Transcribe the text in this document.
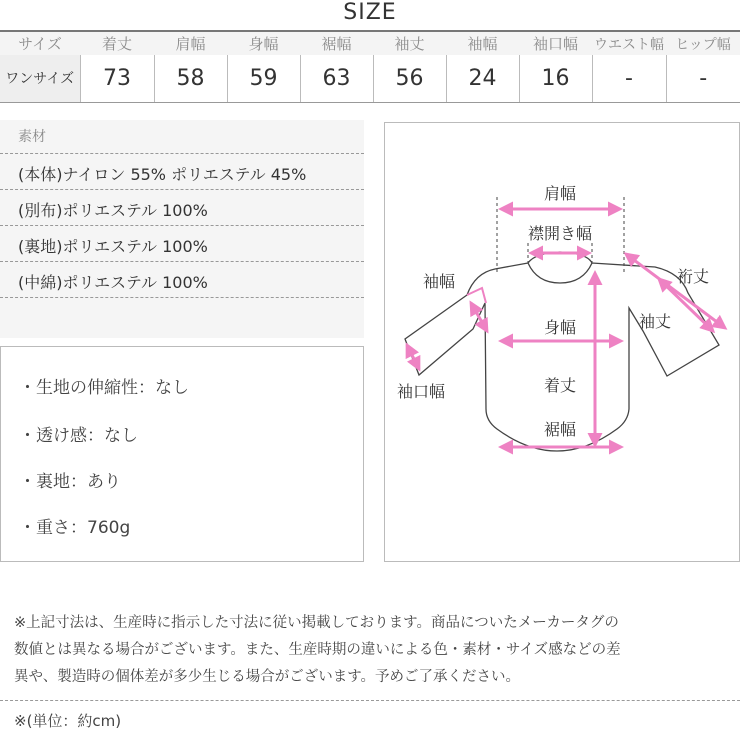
SIZE
サイズ	着丈	肩幅	身幅	裾幅	袖丈	袖幅	袖口幅	ウエスト幅	ヒップ幅
ワンサイズ	73	58	59	63	56	24	16	-	-
素材
(本体)ナイロン 55% ポリエステル 45%
(別布)ポリエステル 100%
(裏地)ポリエステル 100%
(中綿)ポリエステル 100%
・生地の伸縮性：なし
・透け感：なし
・裏地：あり
・重さ：760g
肩幅
襟開き幅
裄丈
袖丈
袖幅
身幅
袖口幅	着丈
裾幅
※上記寸法は、生産時に指示した寸法に従い掲載しております。商品についたメーカータグの
数値とは異なる場合がございます。また、生産時期の違いによる色・素材・サイズ感などの差
異や、製造時の個体差が多少生じる場合がございます。予めご了承ください。
※(単位：約cm)
